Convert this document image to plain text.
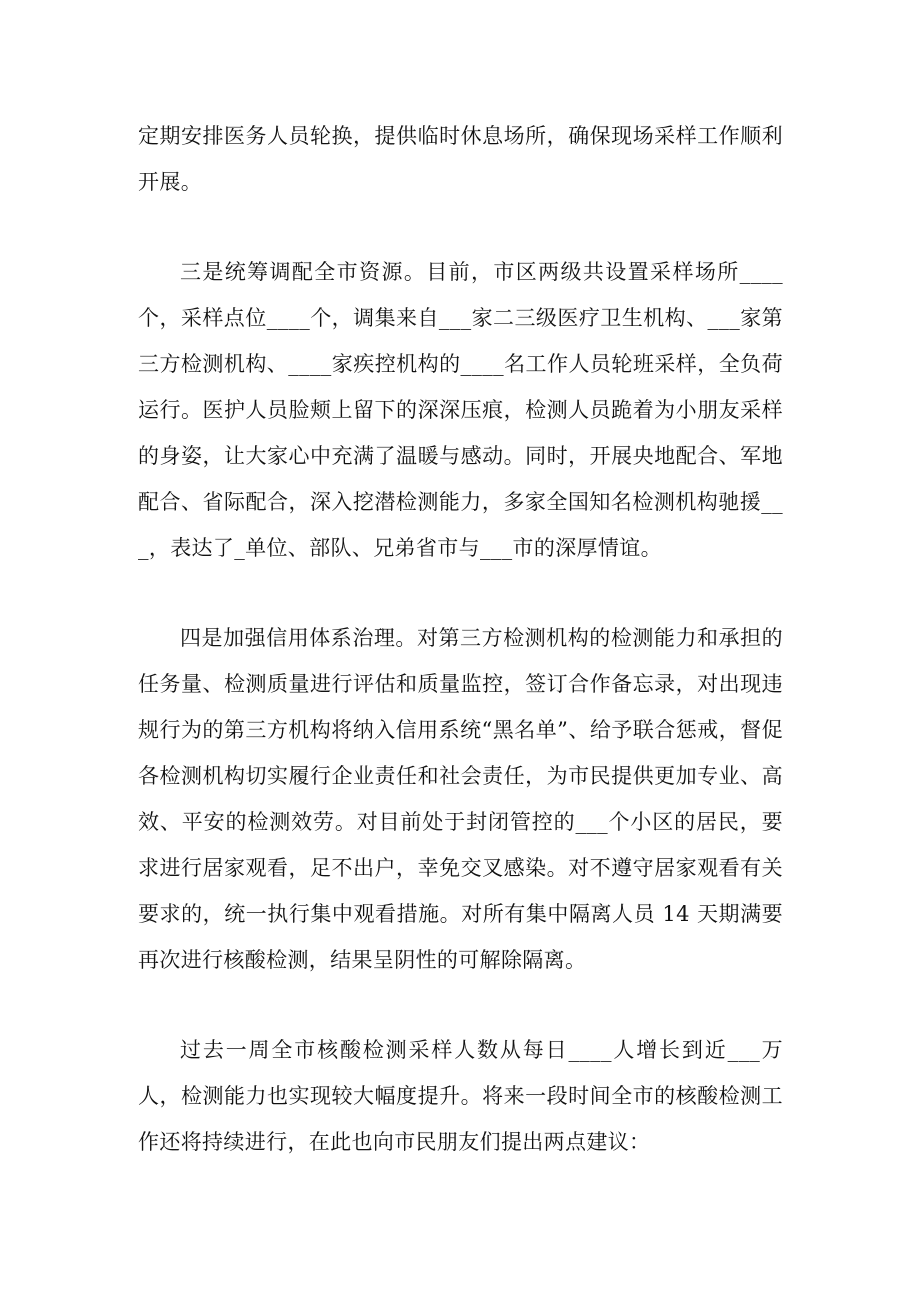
定期安排医务人员轮换，提供临时休息场所，确保现场采样工作顺利开展。

三是统筹调配全市资源。目前，市区两级共设置采样场所____个，采样点位____个，调集来自___家二三级医疗卫生机构、___家第三方检测机构、____家疾控机构的____名工作人员轮班采样，全负荷运行。医护人员脸颊上留下的深深压痕，检测人员跪着为小朋友采样的身姿，让大家心中充满了温暖与感动。同时，开展央地配合、军地配合、省际配合，深入挖潜检测能力，多家全国知名检测机构驰援___，表达了_单位、部队、兄弟省市与___市的深厚情谊。

四是加强信用体系治理。对第三方检测机构的检测能力和承担的任务量、检测质量进行评估和质量监控，签订合作备忘录，对出现违规行为的第三方机构将纳入信用系统“黑名单”、给予联合惩戒，督促各检测机构切实履行企业责任和社会责任，为市民提供更加专业、高效、平安的检测效劳。对目前处于封闭管控的___个小区的居民，要求进行居家观看，足不出户，幸免交叉感染。对不遵守居家观看有关要求的，统一执行集中观看措施。对所有集中隔离人员 14 天期满要再次进行核酸检测，结果呈阴性的可解除隔离。

过去一周全市核酸检测采样人数从每日____人增长到近___万人，检测能力也实现较大幅度提升。将来一段时间全市的核酸检测工作还将持续进行，在此也向市民朋友们提出两点建议：
